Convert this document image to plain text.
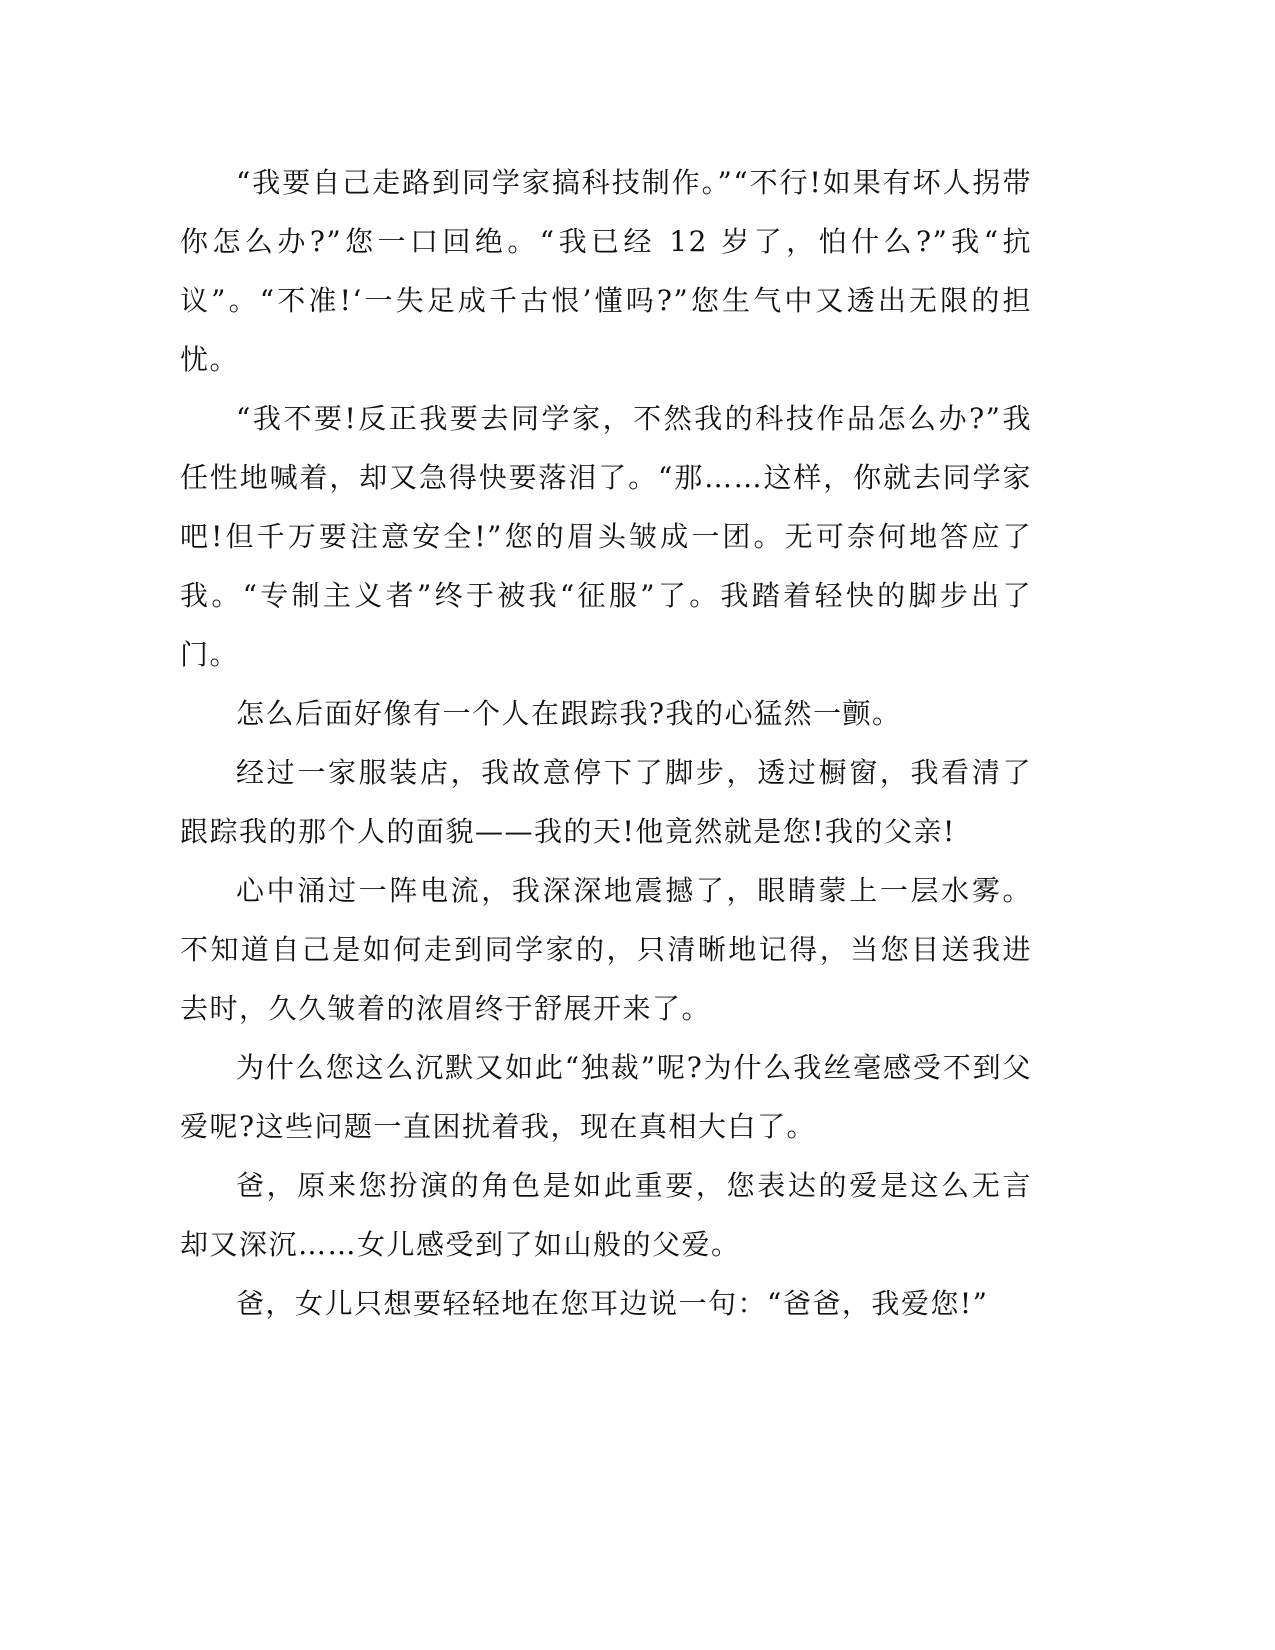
“我要自己走路到同学家搞科技制作。”“不行!如果有坏人拐带你怎么办?”您一口回绝。“我已经 12 岁了，怕什么?”我“抗议”。“不准!‘一失足成千古恨’懂吗?”您生气中又透出无限的担忧。

“我不要!反正我要去同学家，不然我的科技作品怎么办?”我任性地喊着，却又急得快要落泪了。“那……这样，你就去同学家吧!但千万要注意安全!”您的眉头皱成一团。无可奈何地答应了我。“专制主义者”终于被我“征服”了。我踏着轻快的脚步出了门。

怎么后面好像有一个人在跟踪我?我的心猛然一颤。

经过一家服装店，我故意停下了脚步，透过橱窗，我看清了跟踪我的那个人的面貌——我的天!他竟然就是您!我的父亲!

心中涌过一阵电流，我深深地震撼了，眼睛蒙上一层水雾。不知道自己是如何走到同学家的，只清晰地记得，当您目送我进去时，久久皱着的浓眉终于舒展开来了。

为什么您这么沉默又如此“独裁”呢?为什么我丝毫感受不到父爱呢?这些问题一直困扰着我，现在真相大白了。

爸，原来您扮演的角色是如此重要，您表达的爱是这么无言却又深沉……女儿感受到了如山般的父爱。

爸，女儿只想要轻轻地在您耳边说一句：“爸爸，我爱您!”
